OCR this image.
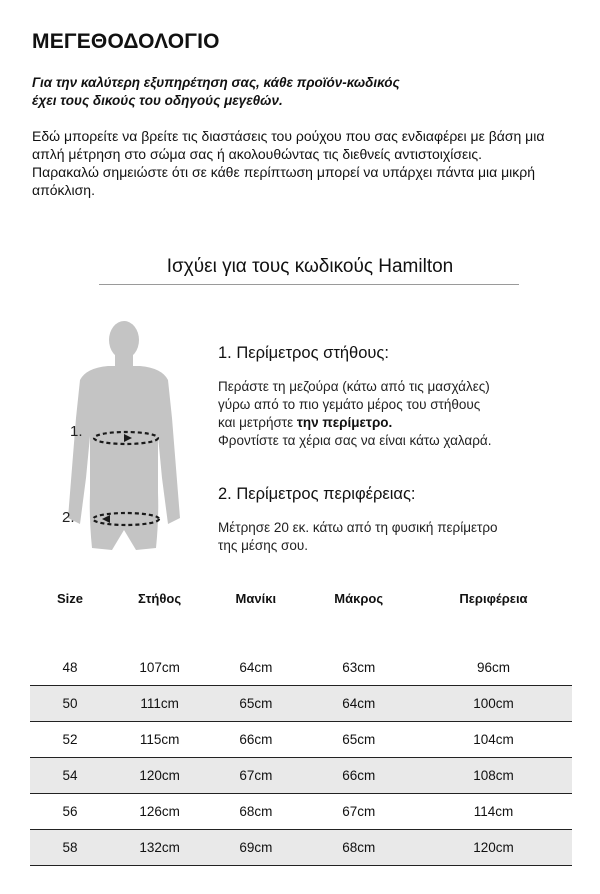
ΜΕΓΕΘΟΔΟΛΟΓΙΟ
Για την καλύτερη εξυπηρέτηση σας, κάθε προϊόν-κωδικός
έχει τους δικούς του οδηγούς μεγεθών.

Εδώ μπορείτε να βρείτε τις διαστάσεις του ρούχου που σας ενδιαφέρει με βάση μια απλή μέτρηση στο σώμα σας ή ακολουθώντας τις διεθνείς αντιστοιχίσεις.

Παρακαλώ σημειώστε ότι σε κάθε περίπτωση μπορεί να υπάρχει πάντα μια μικρή απόκλιση.

Ισχύει για τους κωδικούς Hamilton
1.
2.
1. Περίμετρος στήθους:
Περάστε τη μεζούρα (κάτω από τις μασχάλες)
γύρω από το πιο γεμάτο μέρος του στήθους
και μετρήστε την περίμετρο.
Φροντίστε τα χέρια σας να είναι κάτω χαλαρά.
2. Περίμετρος περιφέρειας:
Μέτρησε 20 εκ. κάτω από τη φυσική περίμετρο
της μέσης σου.
Size	Στήθος	Μανίκι	Μάκρος	Περιφέρεια

48	107cm	64cm	63cm	96cm
50	111cm	65cm	64cm	100cm
52	115cm	66cm	65cm	104cm
54	120cm	67cm	66cm	108cm
56	126cm	68cm	67cm	114cm
58	132cm	69cm	68cm	120cm
